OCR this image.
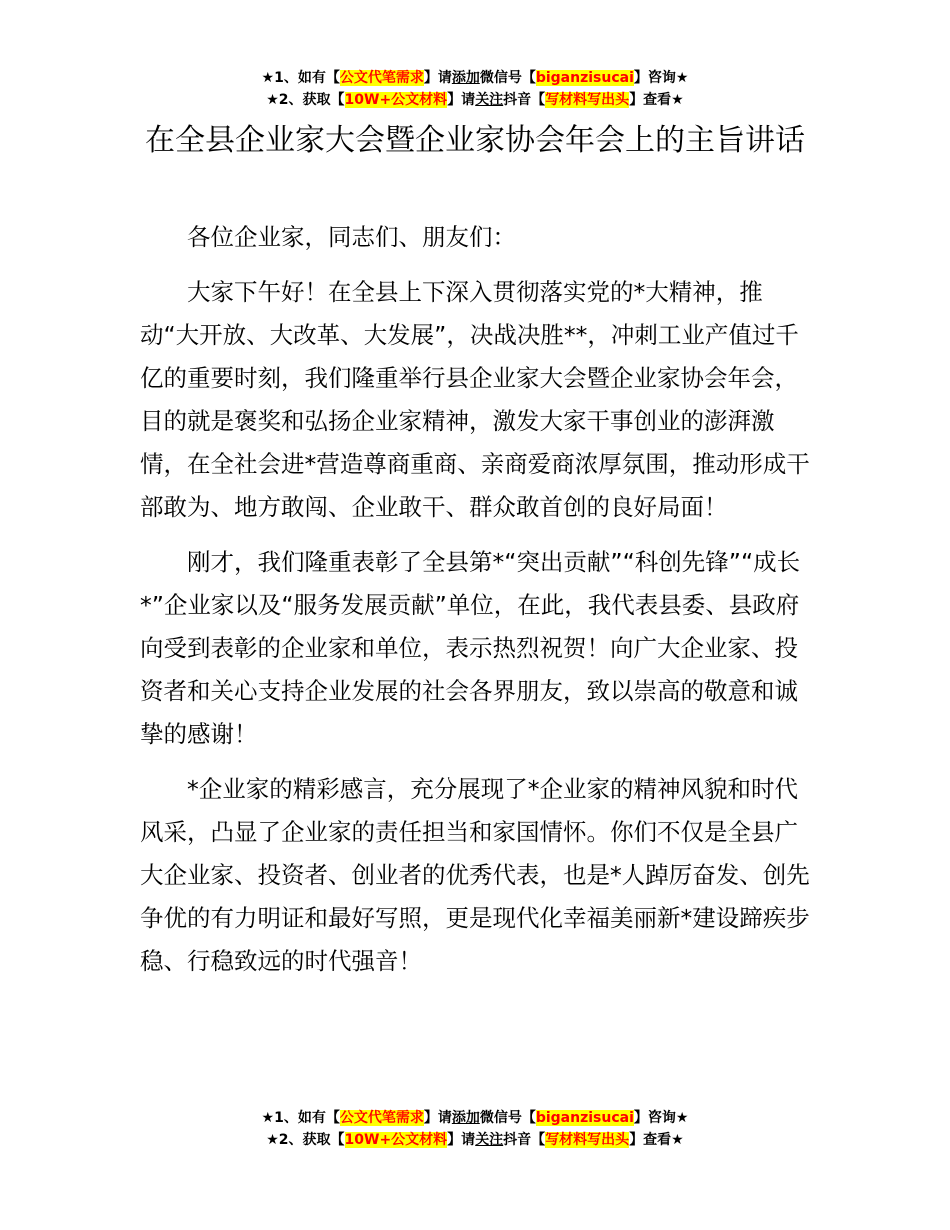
★1、如有【公文代笔需求】请添加微信号【biganzisucai】咨询★
★2、获取【10W+公文材料】请关注抖音【写材料写出头】查看★
在全县企业家大会暨企业家协会年会上的主旨讲话

各位企业家，同志们、朋友们：

大家下午好！在全县上下深入贯彻落实党的*大精神，推动“大开放、大改革、大发展”，决战决胜**，冲刺工业产值过千亿的重要时刻，我们隆重举行县企业家大会暨企业家协会年会，目的就是褒奖和弘扬企业家精神，激发大家干事创业的澎湃激情，在全社会进*营造尊商重商、亲商爱商浓厚氛围，推动形成干部敢为、地方敢闯、企业敢干、群众敢首创的良好局面！

刚才，我们隆重表彰了全县第*“突出贡献”“科创先锋”“成长*”企业家以及“服务发展贡献”单位，在此，我代表县委、县政府向受到表彰的企业家和单位，表示热烈祝贺！向广大企业家、投资者和关心支持企业发展的社会各界朋友，致以崇高的敬意和诚挚的感谢！

*企业家的精彩感言，充分展现了*企业家的精神风貌和时代风采，凸显了企业家的责任担当和家国情怀。你们不仅是全县广大企业家、投资者、创业者的优秀代表，也是*人踔厉奋发、创先争优的有力明证和最好写照，更是现代化幸福美丽新*建设蹄疾步稳、行稳致远的时代强音！

★1、如有【公文代笔需求】请添加微信号【biganzisucai】咨询★
★2、获取【10W+公文材料】请关注抖音【写材料写出头】查看★
